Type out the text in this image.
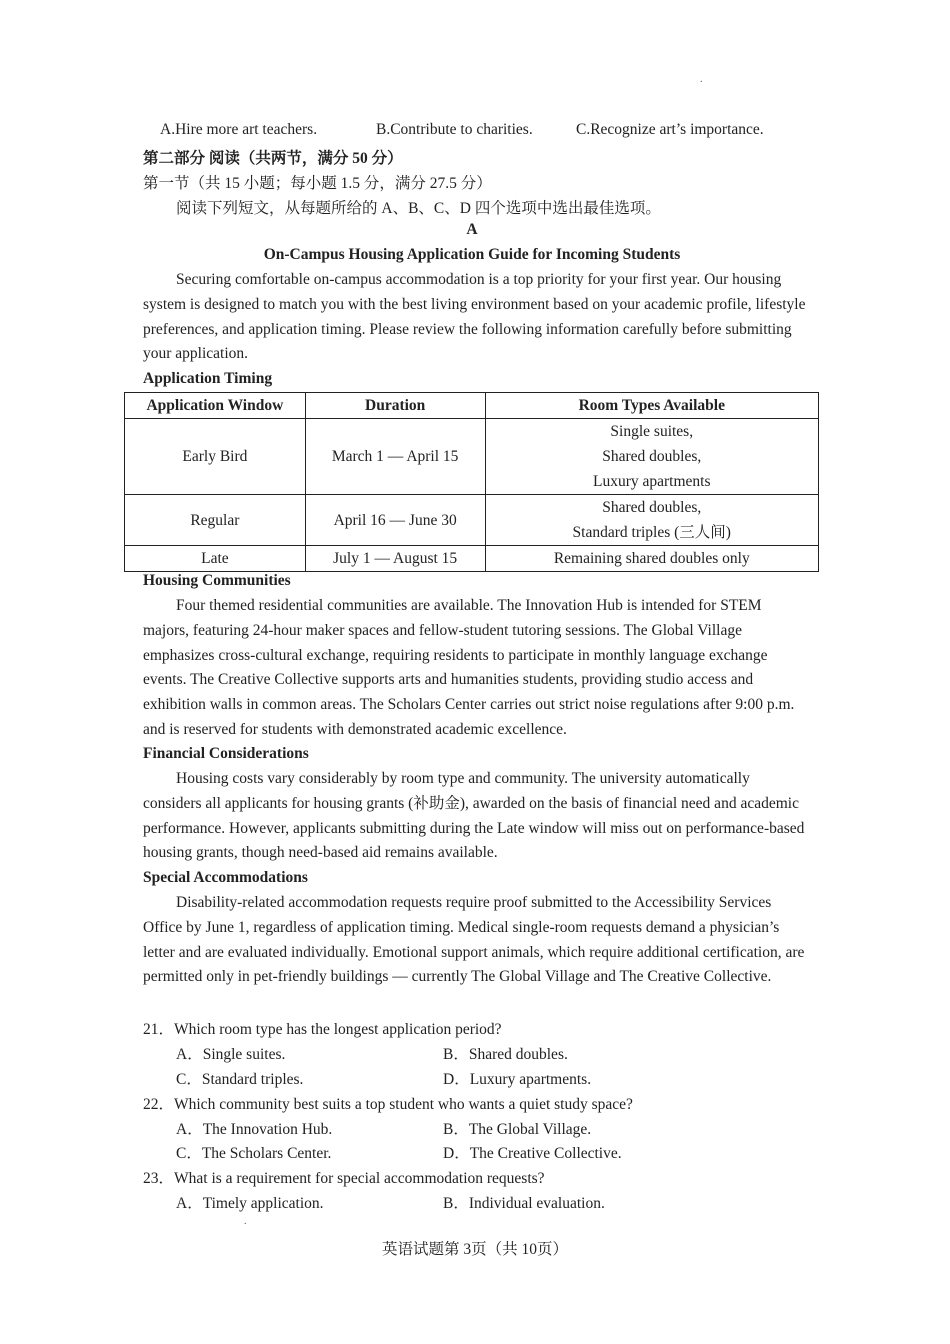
.
A.Hire more art teachers.	B.Contribute to charities.	C.Recognize art’s importance.
第二部分 阅读（共两节，满分 50 分）
第一节（共 15 小题；每小题 1.5 分，满分 27.5 分）
阅读下列短文，从每题所给的 A、B、C、D 四个选项中选出最佳选项。
A
On-Campus Housing Application Guide for Incoming Students
Securing comfortable on-campus accommodation is a top priority for your first year. Our housing system is designed to match you with the best living environment based on your academic profile, lifestyle preferences, and application timing. Please review the following information carefully before submitting your application.
Application Timing
Application Window	Duration	Room Types Available
Early Bird	March 1 — April 15	Single suites,
Shared doubles,
Luxury apartments

Regular	April 16 — June 30	Shared doubles,
Standard triples (三人间)

Late	July 1 — August 15	Remaining shared doubles only
Housing Communities
Four themed residential communities are available. The Innovation Hub is intended for STEM majors, featuring 24-hour maker spaces and fellow-student tutoring sessions. The Global Village emphasizes cross-cultural exchange, requiring residents to participate in monthly language exchange events. The Creative Collective supports arts and humanities students, providing studio access and exhibition walls in common areas. The Scholars Center carries out strict noise regulations after 9:00 p.m. and is reserved for students with demonstrated academic excellence.
Financial Considerations
Housing costs vary considerably by room type and community. The university automatically considers all applicants for housing grants (补助金), awarded on the basis of financial need and academic performance. However, applicants submitting during the Late window will miss out on performance-based housing grants, though need-based aid remains available.
Special Accommodations
Disability-related accommodation requests require proof submitted to the Accessibility Services Office by June 1, regardless of application timing. Medical single-room requests demand a physician’s letter and are evaluated individually. Emotional support animals, which require additional certification, are permitted only in pet-friendly buildings — currently The Global Village and The Creative Collective.
21．Which room type has the longest application period?
A．Single suites.	B．Shared doubles.
C．Standard triples.	D．Luxury apartments.
22．Which community best suits a top student who wants a quiet study space?
A．The Innovation Hub.	B．The Global Village.
C．The Scholars Center.	D．The Creative Collective.
23．What is a requirement for special accommodation requests?
A．Timely application.	B．Individual evaluation.
.
英语试题第 3页（共 10页）
